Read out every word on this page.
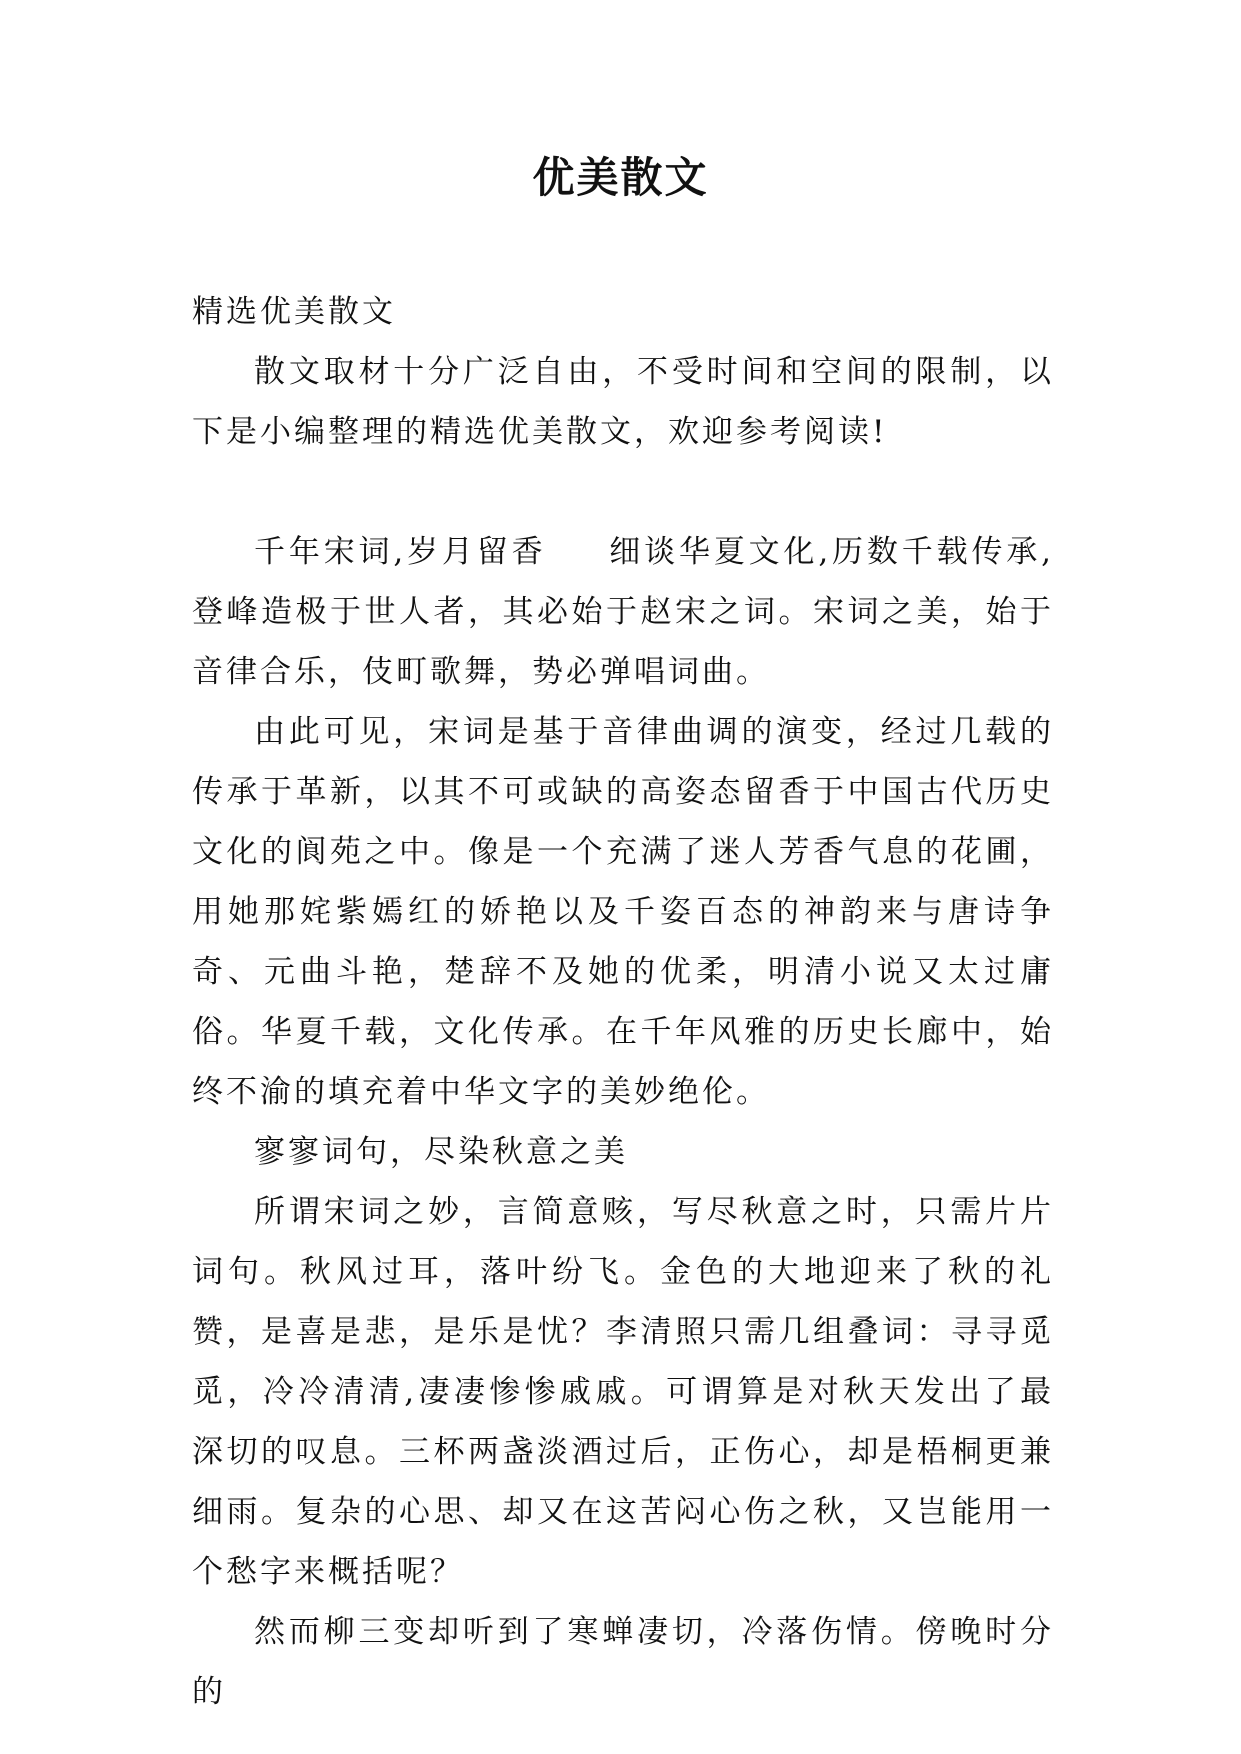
优美散文

精选优美散文

散文取材十分广泛自由，不受时间和空间的限制，以下是小编整理的精选优美散文，欢迎参考阅读!

千年宋词,岁月留香 细谈华夏文化,历数千载传承,登峰造极于世人者，其必始于赵宋之词。宋词之美，始于音律合乐，伎町歌舞，势必弹唱词曲。

由此可见，宋词是基于音律曲调的演变，经过几载的传承于革新，以其不可或缺的高姿态留香于中国古代历史文化的阆苑之中。像是一个充满了迷人芳香气息的花圃，用她那姹紫嫣红的娇艳以及千姿百态的神韵来与唐诗争奇、元曲斗艳，楚辞不及她的优柔，明清小说又太过庸俗。华夏千载，文化传承。在千年风雅的历史长廊中，始终不渝的填充着中华文字的美妙绝伦。

寥寥词句，尽染秋意之美

所谓宋词之妙，言简意赅，写尽秋意之时，只需片片词句。秋风过耳，落叶纷飞。金色的大地迎来了秋的礼赞，是喜是悲，是乐是忧？李清照只需几组叠词：寻寻觅觅，冷冷清清,凄凄惨惨戚戚。可谓算是对秋天发出了最深切的叹息。三杯两盏淡酒过后，正伤心，却是梧桐更兼细雨。复杂的心思、却又在这苦闷心伤之秋，又岂能用一个愁字来概括呢？

然而柳三变却听到了寒蝉凄切，冷落伤情。傍晚时分的
